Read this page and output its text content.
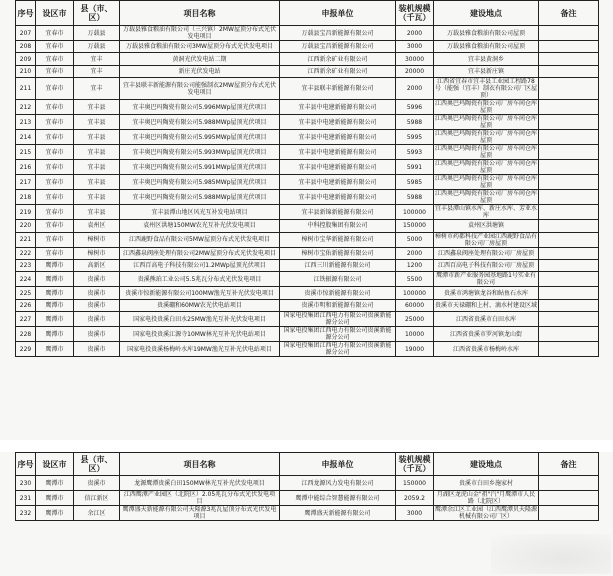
序号	设区市	县（市、区）	项目名称	申报单位	装机规模（千瓦）	建设地点	备注
207	宜春市	万载县	万载县雅食粮油有限公司（三兴镇）2MW屋顶分布式光伏发电项目	万载县宝昌新能源有限公司	2000	万载县雅食粮油有限公司屋顶	
208	宜春市	万载县	万载县雅食粮油有限公司3MW屋顶分布式光伏发电项目	万载县宝昌新能源有限公司	3000	万载县雅食粮油有限公司屋顶	
209	宜春市	宜丰	黄洞光伏发电站二期	江西新余矿业有限公司	30000	宜丰县黄洞乡	
210	宜春市	宜丰	新庄光伏发电站	江西新余矿业有限公司	20000	宜丰县新庄镇	
211	宜春市	宜丰	宜丰县联丰新能源有限公司能强制衣2MW屋顶分布式光伏发电项目	宜丰县联丰新能源有限公司	2000	江西省宜春市宜丰县工业园工程路78号（能强（宜丰）制衣有限公司厂区屋顶）	
212	宜春市	宜丰县	宜丰奥巴玛陶瓷有限公司5.996MWp屋顶光伏项目	宜丰县中电建新能源有限公司	5996	江西奥巴玛陶瓷有限公司厂房车间仓库屋顶	
213	宜春市	宜丰县	宜丰奥巴玛陶瓷有限公司5.988MWp屋顶光伏项目	宜丰县中电建新能源有限公司	5988	江西奥巴玛陶瓷有限公司厂房车间仓库屋顶	
214	宜春市	宜丰县	宜丰奥巴玛陶瓷有限公司5.995MWp屋顶光伏项目	宜丰县中电建新能源有限公司	5995	江西奥巴玛陶瓷有限公司厂房车间仓库屋顶	
215	宜春市	宜丰县	宜丰奥巴玛陶瓷有限公司5.993MWp屋顶光伏项目	宜丰县中电建新能源有限公司	5993	江西奥巴玛陶瓷有限公司厂房车间仓库屋顶	
216	宜春市	宜丰县	宜丰奥巴玛陶瓷有限公司5.991MWp屋顶光伏项目	宜丰县中电建新能源有限公司	5991	江西奥巴玛陶瓷有限公司厂房车间仓库屋顶	
217	宜春市	宜丰县	宜丰奥巴玛陶瓷有限公司5.985MWp屋顶光伏项目	宜丰县中电建新能源有限公司	5985	江西奥巴玛陶瓷有限公司厂房车间仓库屋顶	
218	宜春市	宜丰县	宜丰奥巴玛陶瓷有限公司5.988MWp屋顶光伏项目	宜丰县中电建新能源有限公司	5988	江西奥巴玛陶瓷有限公司厂房车间仓库屋顶	
219	宜春市	宜丰县	宜丰县潭山地区风光互补发电站项目	宜丰县新锦新能源有限公司	100000	宜丰县潭山镇水库、新庄水库、芳亚水库	
220	宜春市	袁州区	袁州区洪塘150MW农光互补光伏发电项目	中科控股集团有限公司	150000	袁州区洪塘镇	
221	宜春市	樟树市	江西鹿野食品有限公司5MW屋顶分布式光伏发电项目	樟树市宝华新能源有限公司	5000	樟树市药都科技产业园江西鹿野食品有限公司厂房屋顶	
222	宜春市	樟树市	江西鑫泉阀座处理有限公司2MW屋顶分布式光伏发电项目	樟树市宝佑新能源有限公司	2000	江西鑫泉阀座处理有限公司厂房屋顶	
223	鹰潭市	高新区	江西百高电子科技有限公司1.2MWp屋顶光伏项目	江西三川新能源有限公司	1200	江西百高电子科技有限公司厂房屋顶	
224	鹰潭市	贵溪市	贵溪熊珀工业公司5.5兆瓦分布式光伏发电项目	江铁振源有限公司	5500	鹰潭市新产业服务园基地路1号实业有限公司	
225	鹰潭市	贵溪市	贵溪市惊新能源有限公司100MW渔光互补光伏发电项目	贵溪市惊新能源有限公司	100000	贵溪市鸿塘镇龙谷和鲇鱼石水库	
226	鹰潭市	贵溪市	贵溪硼和60MW农光伏电站项目	贵溪市明和新能源有限公司	60000	贵溪市天禄硼和上村、滴水村建设区域	
227	鹰潭市	贵溪市	国家电投贵溪白田水25MW渔光互补光伏发电项目	国家电投集团江西电力有限公司贵溪新能源分公司	25000	江西省贵溪市白田水库	
228	鹰潭市	贵溪市	国家电投贵溪江源寺10MW林光互补光伏电站项目	国家电投集团江西电力有限公司贵溪新能源分公司	10000	江西省贵溪市罗河镇龙山街	
229	鹰潭市	贵溪市	国家电投贵溪杨梅岭水库19MW渔光互补光伏电站项目	国家电投集团江西电力有限公司贵溪新能源分公司	19000	江西省贵溪市杨梅岭水库	
序号	设区市	县（市、区）	项目名称	申报单位	装机规模（千瓦）	建设地点	备注
230	鹰潭市	贵溪市	龙源鹰潭贵溪白田150MW林光互补光伏发电项目	江西龙源风力发电有限公司	150000	贵溪市白田乡施家村	
231	鹰潭市	信江新区	江西鹰潭产业园区（北院区）2.05兆瓦分布式光伏发电项目	鹰潭中能综合智慧能源有限公司	2059.2	月湖区龙虎山金"祖"汽"月鹰潭市人民路（北院区）	
232	鹰潭市	余江区	鹰潭盛天新能源有限公司天隆源3兆瓦屋顶分布式光伏发电项目	鹰潭盛天新能源有限公司	3000	鹰潭余江区工业园（江西鹰潭贝天隆源机械有限公司厂区）	
